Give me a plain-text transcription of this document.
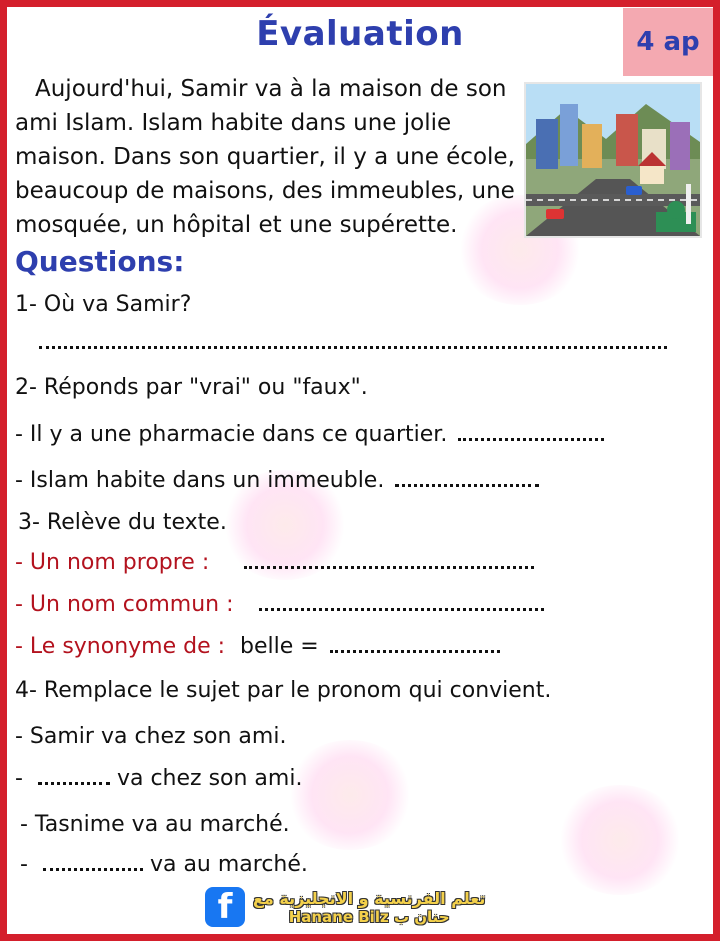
Évaluation	4 ap

Aujourd'hui, Samir va à la maison de son
ami Islam. Islam habite dans une jolie
maison. Dans son quartier, il y a une école,
beaucoup de maisons, des immeubles, une
mosquée, un hôpital et une supérette.

Questions:
1- Où va Samir?
2- Réponds par "vrai" ou "faux".
- Il y a une pharmacie dans ce quartier.
- Islam habite dans un immeuble.
3- Relève du texte.
- Un nom propre :
- Un nom commun :
- Le synonyme de : belle =
4- Remplace le sujet par le pronom qui convient.
- Samir va chez son ami.
-	va chez son ami.
- Tasnime va au marché.
-	va au marché.
f	تعلم الفرنسية و الانجليزية مع
Hanane Bilz حنان ب
